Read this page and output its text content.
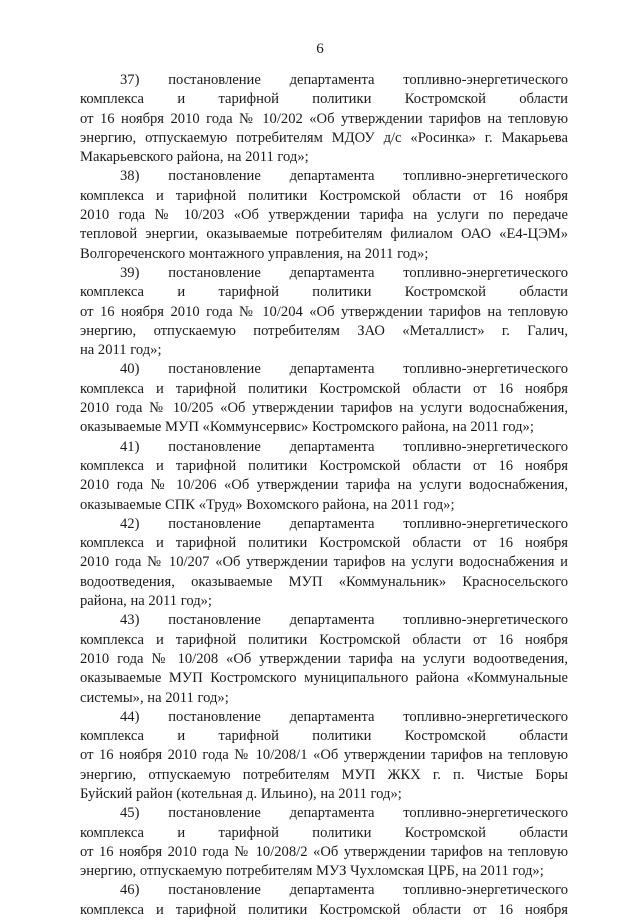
6
37)       постановление       департамента       топливно-энергетического
комплекса и тарифной политики Костромской области
от 16 ноября 2010 года № 10/202 «Об утверждении тарифов на тепловую
энергию, отпускаемую потребителям МДОУ д/с «Росинка» г. Макарьева
Макарьевского района, на 2011 год»;
38)       постановление       департамента       топливно-энергетического
комплекса и тарифной политики Костромской области от 16 ноября
2010 года № 10/203 «Об утверждении тарифа на услуги по передаче
тепловой энергии, оказываемые потребителям филиалом ОАО «Е4-ЦЭМ»
Волгореченского монтажного управления, на 2011 год»;
39)       постановление       департамента       топливно-энергетического
комплекса и тарифной политики Костромской области
от 16 ноября 2010 года № 10/204 «Об утверждении тарифов на тепловую
энергию, отпускаемую потребителям ЗАО «Металлист» г. Галич,
на 2011 год»;
40)       постановление       департамента       топливно-энергетического
комплекса и тарифной политики Костромской области от 16 ноября
2010 года № 10/205 «Об утверждении тарифов на услуги водоснабжения,
оказываемые МУП «Коммунсервис» Костромского района, на 2011 год»;
41)       постановление       департамента       топливно-энергетического
комплекса и тарифной политики Костромской области от 16 ноября
2010 года № 10/206 «Об утверждении тарифа на услуги водоснабжения,
оказываемые СПК «Труд» Вохомского района, на 2011 год»;
42)       постановление       департамента       топливно-энергетического
комплекса и тарифной политики Костромской области от 16 ноября
2010 года № 10/207 «Об утверждении тарифов на услуги водоснабжения и
водоотведения, оказываемые МУП «Коммунальник» Красносельского
района, на 2011 год»;
43)       постановление       департамента       топливно-энергетического
комплекса и тарифной политики Костромской области от 16 ноября
2010 года № 10/208 «Об утверждении тарифа на услуги водоотведения,
оказываемые МУП Костромского муниципального района «Коммунальные
системы», на 2011 год»;
44)       постановление       департамента       топливно-энергетического
комплекса и тарифной политики Костромской области
от 16 ноября 2010 года № 10/208/1 «Об утверждении тарифов на тепловую
энергию, отпускаемую потребителям МУП ЖКХ г. п. Чистые Боры
Буйский район (котельная д. Ильино), на 2011 год»;
45)       постановление       департамента       топливно-энергетического
комплекса и тарифной политики Костромской области
от 16 ноября 2010 года № 10/208/2 «Об утверждении тарифов на тепловую
энергию, отпускаемую потребителям МУЗ Чухломская ЦРБ, на 2011 год»;
46)       постановление       департамента       топливно-энергетического
комплекса и тарифной политики Костромской области от 16 ноября
